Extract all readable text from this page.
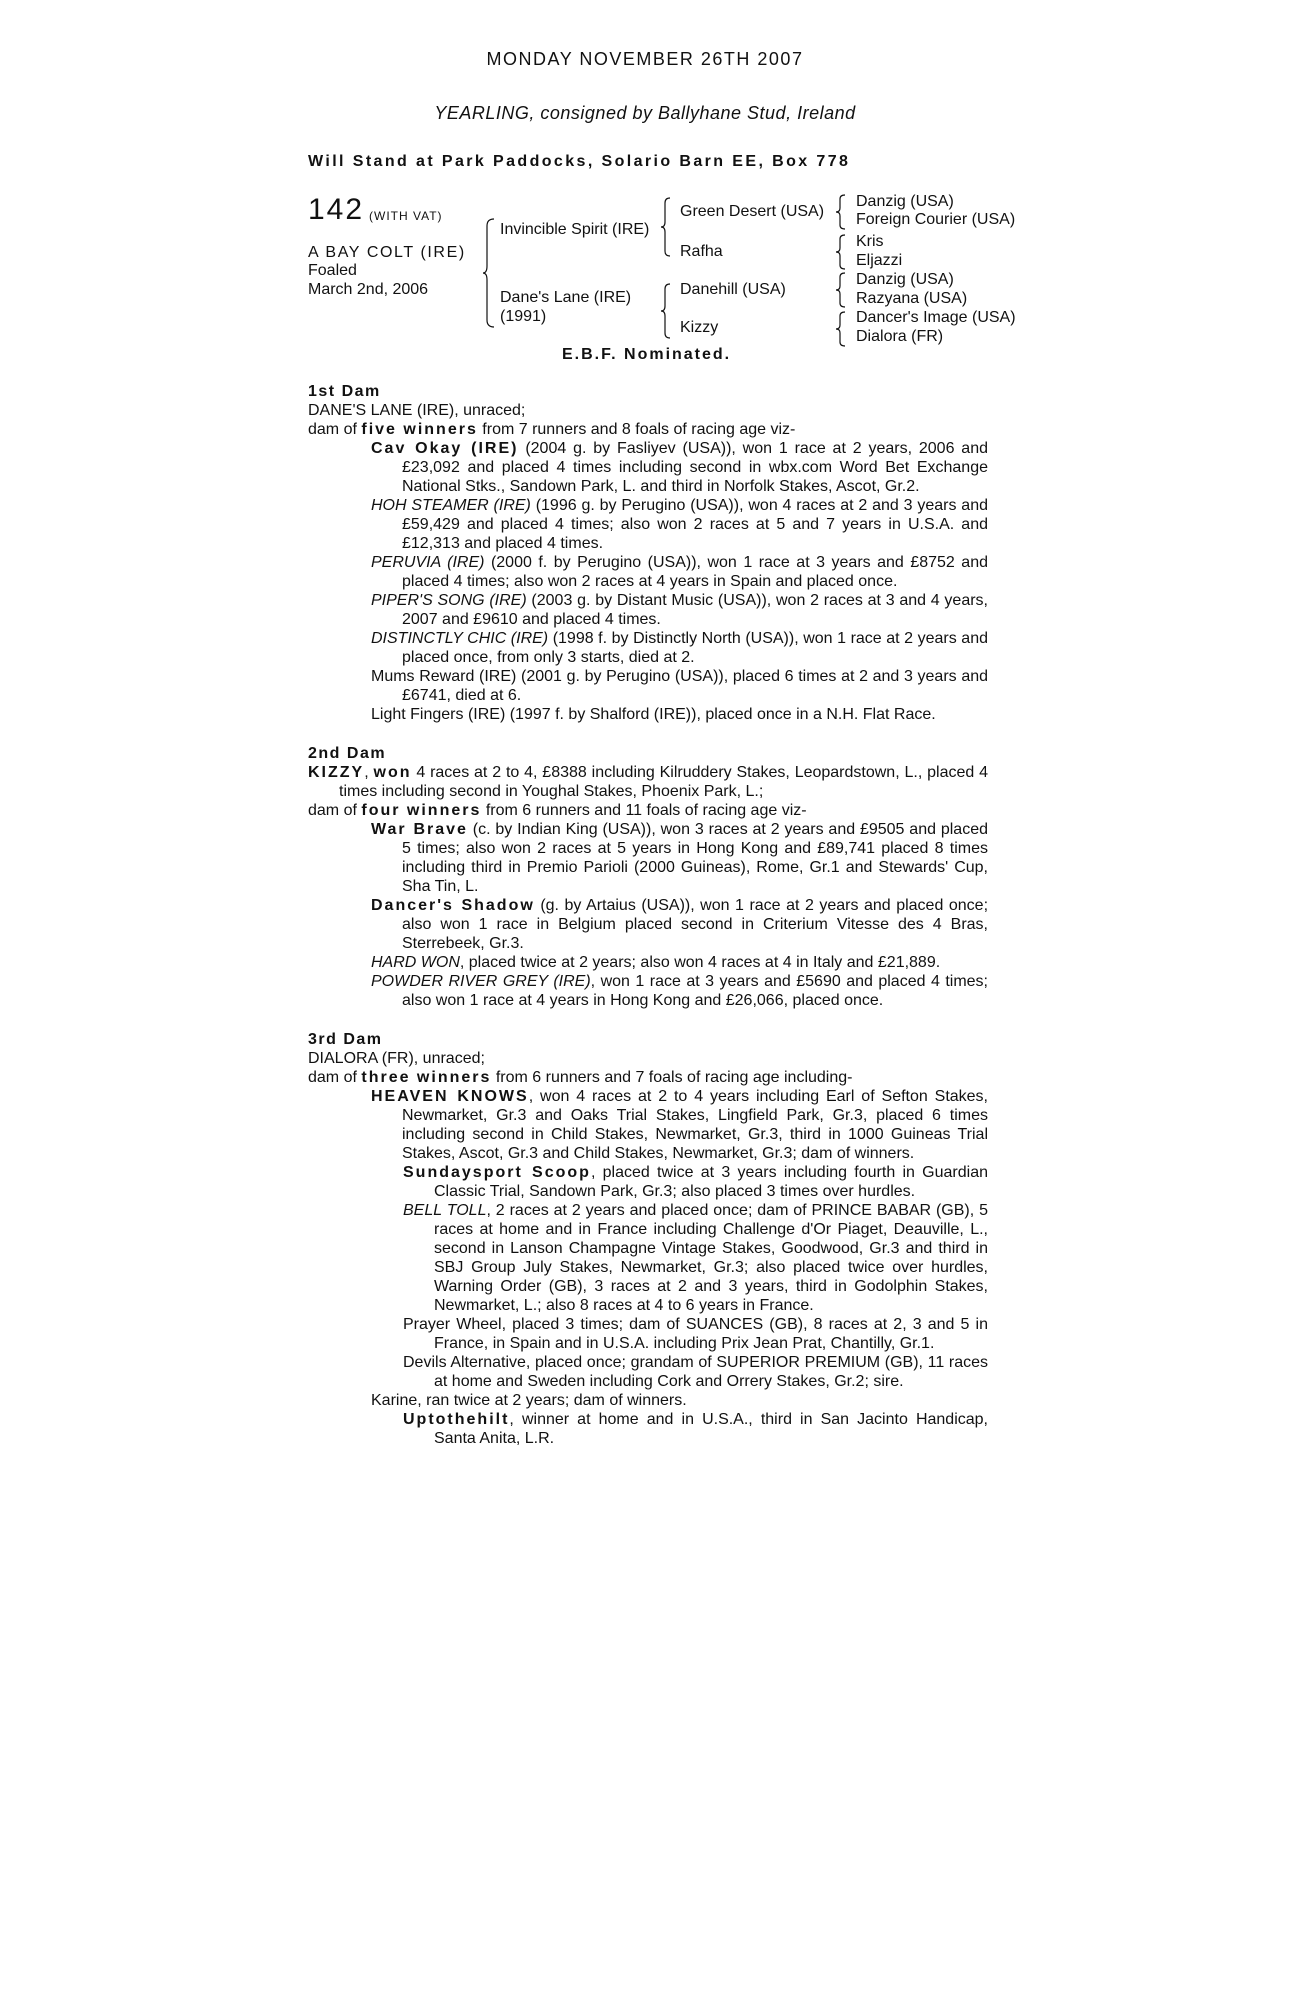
MONDAY NOVEMBER 26TH 2007
YEARLING, consigned by Ballyhane Stud, Ireland
Will Stand at Park Paddocks, Solario Barn EE, Box 778
142 (WITH VAT)
A BAY COLT (IRE)
Foaled
March 2nd, 2006
Invincible Spirit (IRE)
Dane's Lane (IRE)
(1991)
Green Desert (USA)
Rafha
Danehill (USA)
Kizzy
Danzig (USA)
Foreign Courier (USA)
Kris
Eljazzi
Danzig (USA)
Razyana (USA)
Dancer's Image (USA)
Dialora (FR)
E.B.F. Nominated.
1st Dam
DANE'S LANE (IRE), unraced;
dam of five winners from 7 runners and 8 foals of racing age viz-
Cav Okay (IRE) (2004 g. by Fasliyev (USA)), won 1 race at 2 years, 2006 and £23,092 and placed 4 times including second in wbx.com Word Bet Exchange National Stks., Sandown Park, L. and third in Norfolk Stakes, Ascot, Gr.2.
HOH STEAMER (IRE) (1996 g. by Perugino (USA)), won 4 races at 2 and 3 years and £59,429 and placed 4 times; also won 2 races at 5 and 7 years in U.S.A. and £12,313 and placed 4 times.
PERUVIA (IRE) (2000 f. by Perugino (USA)), won 1 race at 3 years and £8752 and placed 4 times; also won 2 races at 4 years in Spain and placed once.
PIPER'S SONG (IRE) (2003 g. by Distant Music (USA)), won 2 races at 3 and 4 years, 2007 and £9610 and placed 4 times.
DISTINCTLY CHIC (IRE) (1998 f. by Distinctly North (USA)), won 1 race at 2 years and placed once, from only 3 starts, died at 2.
Mums Reward (IRE) (2001 g. by Perugino (USA)), placed 6 times at 2 and 3 years and £6741, died at 6.
Light Fingers (IRE) (1997 f. by Shalford (IRE)), placed once in a N.H. Flat Race.
2nd Dam
KIZZY, won 4 races at 2 to 4, £8388 including Kilruddery Stakes, Leopardstown, L., placed 4 times including second in Youghal Stakes, Phoenix Park, L.;
dam of four winners from 6 runners and 11 foals of racing age viz-
War Brave (c. by Indian King (USA)), won 3 races at 2 years and £9505 and placed 5 times; also won 2 races at 5 years in Hong Kong and £89,741 placed 8 times including third in Premio Parioli (2000 Guineas), Rome, Gr.1 and Stewards' Cup, Sha Tin, L.
Dancer's Shadow (g. by Artaius (USA)), won 1 race at 2 years and placed once; also won 1 race in Belgium placed second in Criterium Vitesse des 4 Bras, Sterrebeek, Gr.3.
HARD WON, placed twice at 2 years; also won 4 races at 4 in Italy and £21,889.
POWDER RIVER GREY (IRE), won 1 race at 3 years and £5690 and placed 4 times; also won 1 race at 4 years in Hong Kong and £26,066, placed once.
3rd Dam
DIALORA (FR), unraced;
dam of three winners from 6 runners and 7 foals of racing age including-
HEAVEN KNOWS, won 4 races at 2 to 4 years including Earl of Sefton Stakes, Newmarket, Gr.3 and Oaks Trial Stakes, Lingfield Park, Gr.3, placed 6 times including second in Child Stakes, Newmarket, Gr.3, third in 1000 Guineas Trial Stakes, Ascot, Gr.3 and Child Stakes, Newmarket, Gr.3; dam of winners.
Sundaysport Scoop, placed twice at 3 years including fourth in Guardian Classic Trial, Sandown Park, Gr.3; also placed 3 times over hurdles.
BELL TOLL, 2 races at 2 years and placed once; dam of PRINCE BABAR (GB), 5 races at home and in France including Challenge d'Or Piaget, Deauville, L., second in Lanson Champagne Vintage Stakes, Goodwood, Gr.3 and third in SBJ Group July Stakes, Newmarket, Gr.3; also placed twice over hurdles, Warning Order (GB), 3 races at 2 and 3 years, third in Godolphin Stakes, Newmarket, L.; also 8 races at 4 to 6 years in France.
Prayer Wheel, placed 3 times; dam of SUANCES (GB), 8 races at 2, 3 and 5 in France, in Spain and in U.S.A. including Prix Jean Prat, Chantilly, Gr.1.
Devils Alternative, placed once; grandam of SUPERIOR PREMIUM (GB), 11 races at home and Sweden including Cork and Orrery Stakes, Gr.2; sire.
Karine, ran twice at 2 years; dam of winners.
Uptothehilt, winner at home and in U.S.A., third in San Jacinto Handicap, Santa Anita, L.R.
